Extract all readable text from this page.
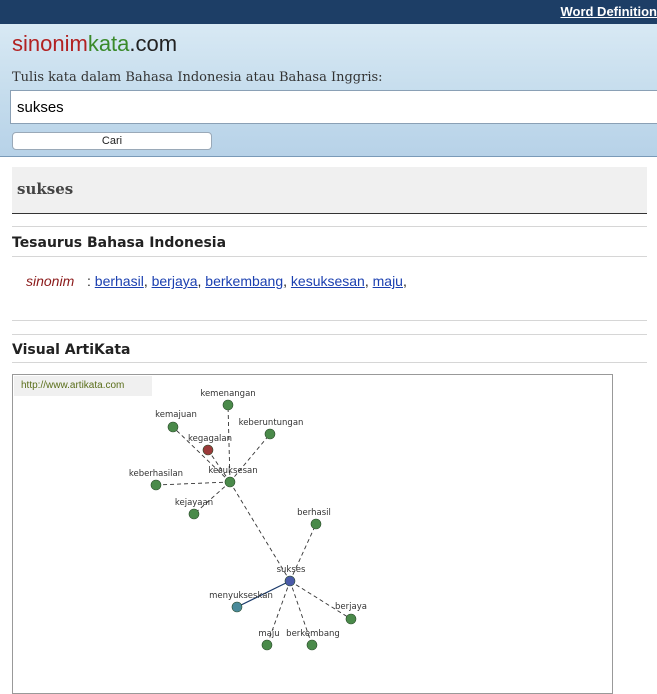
Word Definition
sinonimkata.com
Tulis kata dalam Bahasa Indonesia atau Bahasa Inggris:
sukses
Cari
sukses
Tesaurus Bahasa Indonesia
sinonim : berhasil, berjaya, berkembang, kesuksesan, maju,
Visual ArtiKata
http://www.artikata.com
kemenangan
kemajuan
keberuntungan
kegagalan
kesuksesan
keberhasilan
kejayaan
berhasil
sukses
menyukseskan
berjaya
maju berkembang
